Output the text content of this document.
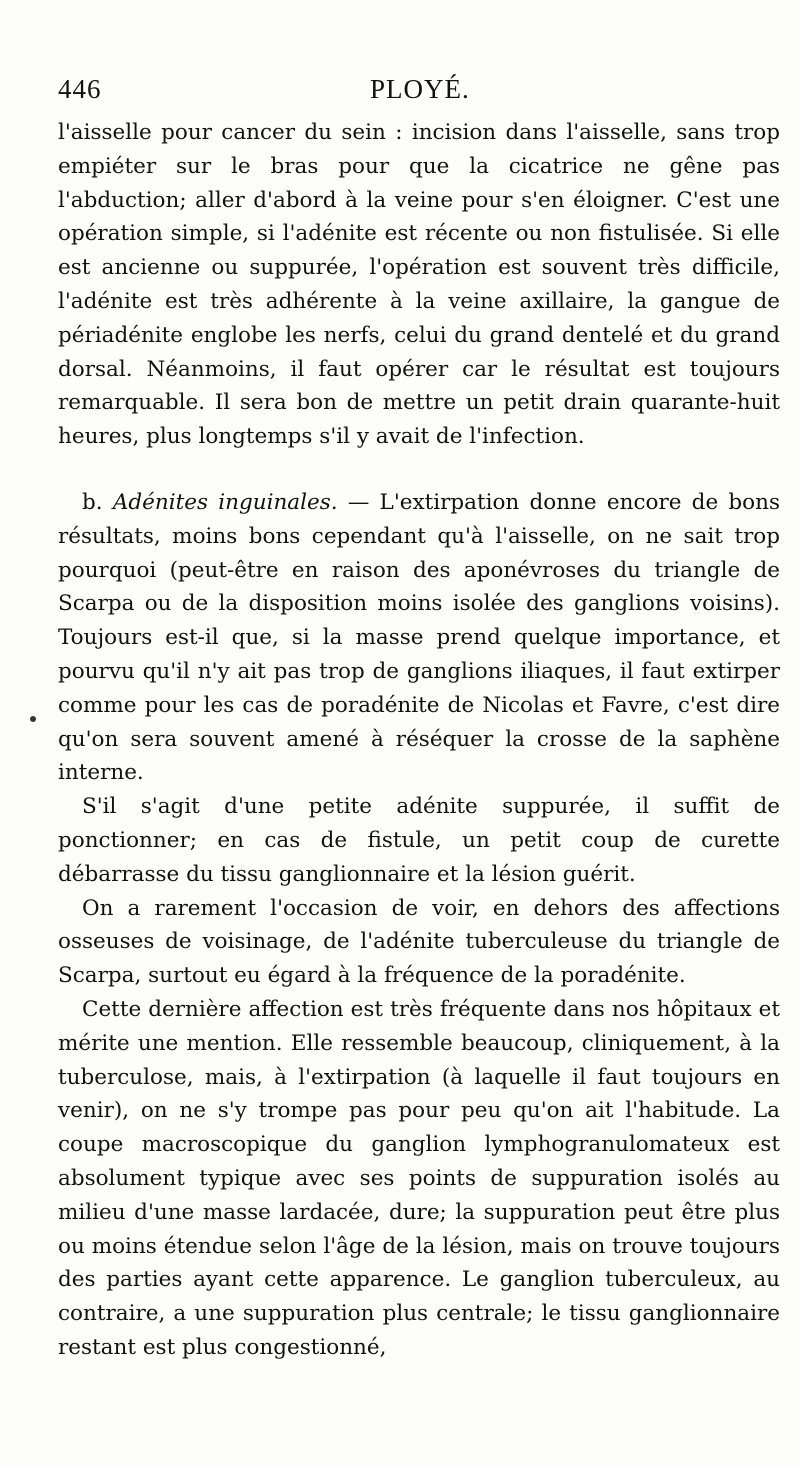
446	PLOYÉ.

l'aisselle pour cancer du sein : incision dans l'aisselle, sans trop empiéter sur le bras pour que la cicatrice ne gêne pas l'abduction; aller d'abord à la veine pour s'en éloigner. C'est une opération simple, si l'adénite est récente ou non fistulisée. Si elle est ancienne ou suppurée, l'opération est souvent très difficile, l'adénite est très adhérente à la veine axillaire, la gangue de périadénite englobe les nerfs, celui du grand dentelé et du grand dorsal. Néanmoins, il faut opérer car le résultat est toujours remarquable. Il sera bon de mettre un petit drain quarante-huit heures, plus longtemps s'il y avait de l'infection.

b. Adénites inguinales. — L'extirpation donne encore de bons résultats, moins bons cependant qu'à l'aisselle, on ne sait trop pourquoi (peut-être en raison des aponévroses du triangle de Scarpa ou de la disposition moins isolée des ganglions voisins). Toujours est-il que, si la masse prend quelque importance, et pourvu qu'il n'y ait pas trop de ganglions iliaques, il faut extirper comme pour les cas de poradénite de Nicolas et Favre, c'est dire qu'on sera souvent amené à réséquer la crosse de la saphène interne.

S'il s'agit d'une petite adénite suppurée, il suffit de ponctionner; en cas de fistule, un petit coup de curette débarrasse du tissu ganglionnaire et la lésion guérit.

On a rarement l'occasion de voir, en dehors des affections osseuses de voisinage, de l'adénite tuberculeuse du triangle de Scarpa, surtout eu égard à la fréquence de la poradénite.

Cette dernière affection est très fréquente dans nos hôpitaux et mérite une mention. Elle ressemble beaucoup, cliniquement, à la tuberculose, mais, à l'extirpation (à laquelle il faut toujours en venir), on ne s'y trompe pas pour peu qu'on ait l'habitude. La coupe macroscopique du ganglion lymphogranulomateux est absolument typique avec ses points de suppuration isolés au milieu d'une masse lardacée, dure; la suppuration peut être plus ou moins étendue selon l'âge de la lésion, mais on trouve toujours des parties ayant cette apparence. Le ganglion tuberculeux, au contraire, a une suppuration plus centrale; le tissu ganglionnaire restant est plus congestionné,
